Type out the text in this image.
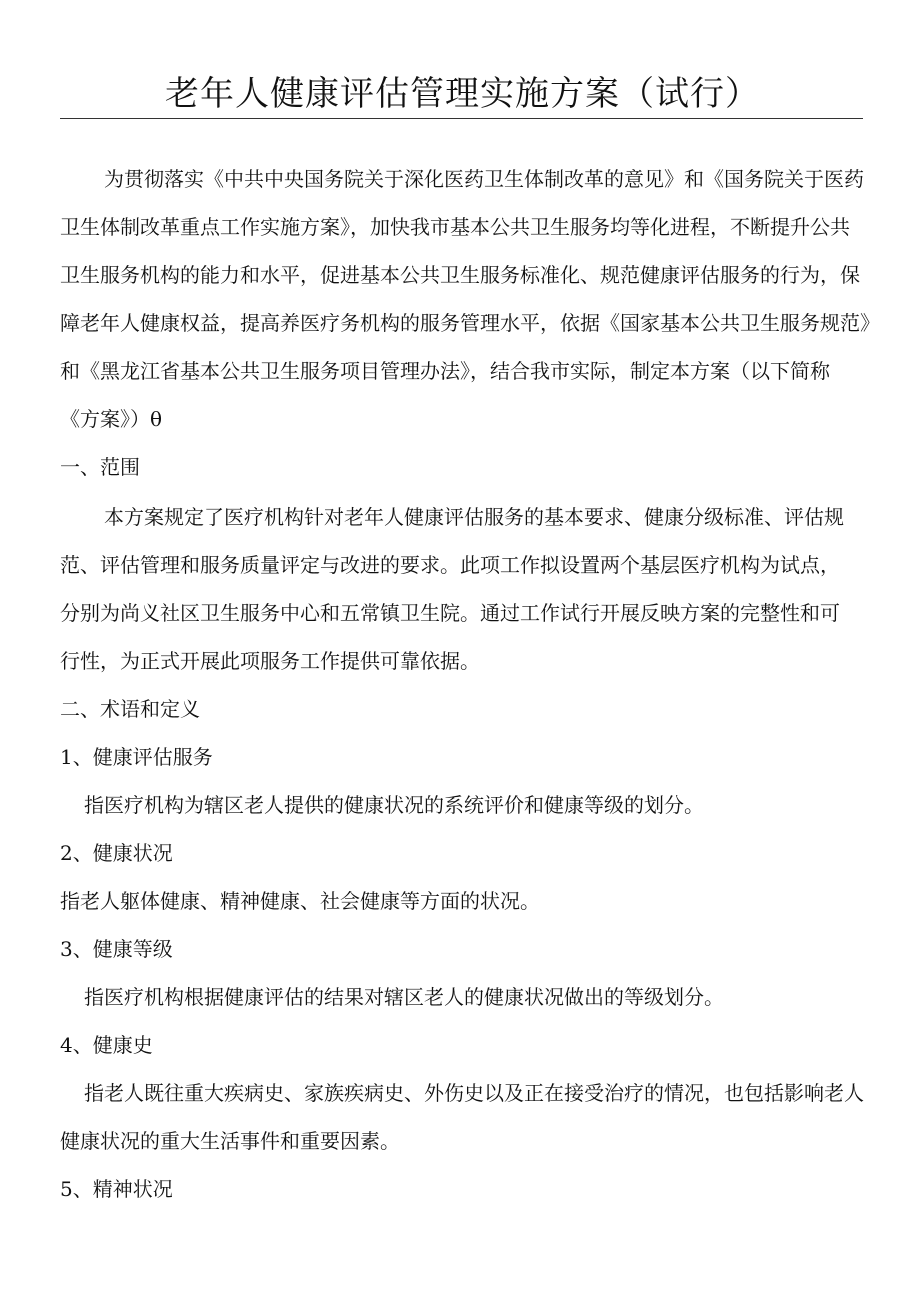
老年人健康评估管理实施方案（试行）
为贯彻落实《中共中央国务院关于深化医药卫生体制改革的意见》和《国务院关于医药
卫生体制改革重点工作实施方案》，加快我市基本公共卫生服务均等化进程，不断提升公共
卫生服务机构的能力和水平，促进基本公共卫生服务标准化、规范健康评估服务的行为，保
障老年人健康权益，提高养医疗务机构的服务管理水平，依据《国家基本公共卫生服务规范》
和《黑龙江省基本公共卫生服务项目管理办法》，结合我市实际，制定本方案（以下简称
《方案》）θ
一、范围
本方案规定了医疗机构针对老年人健康评估服务的基本要求、健康分级标准、评估规
范、评估管理和服务质量评定与改进的要求。此项工作拟设置两个基层医疗机构为试点，
分别为尚义社区卫生服务中心和五常镇卫生院。通过工作试行开展反映方案的完整性和可
行性，为正式开展此项服务工作提供可靠依据。
二、术语和定义
1、健康评估服务
指医疗机构为辖区老人提供的健康状况的系统评价和健康等级的划分。
2、健康状况
指老人躯体健康、精神健康、社会健康等方面的状况。
3、健康等级
指医疗机构根据健康评估的结果对辖区老人的健康状况做出的等级划分。
4、健康史
指老人既往重大疾病史、家族疾病史、外伤史以及正在接受治疗的情况，也包括影响老人
健康状况的重大生活事件和重要因素。
5、精神状况
